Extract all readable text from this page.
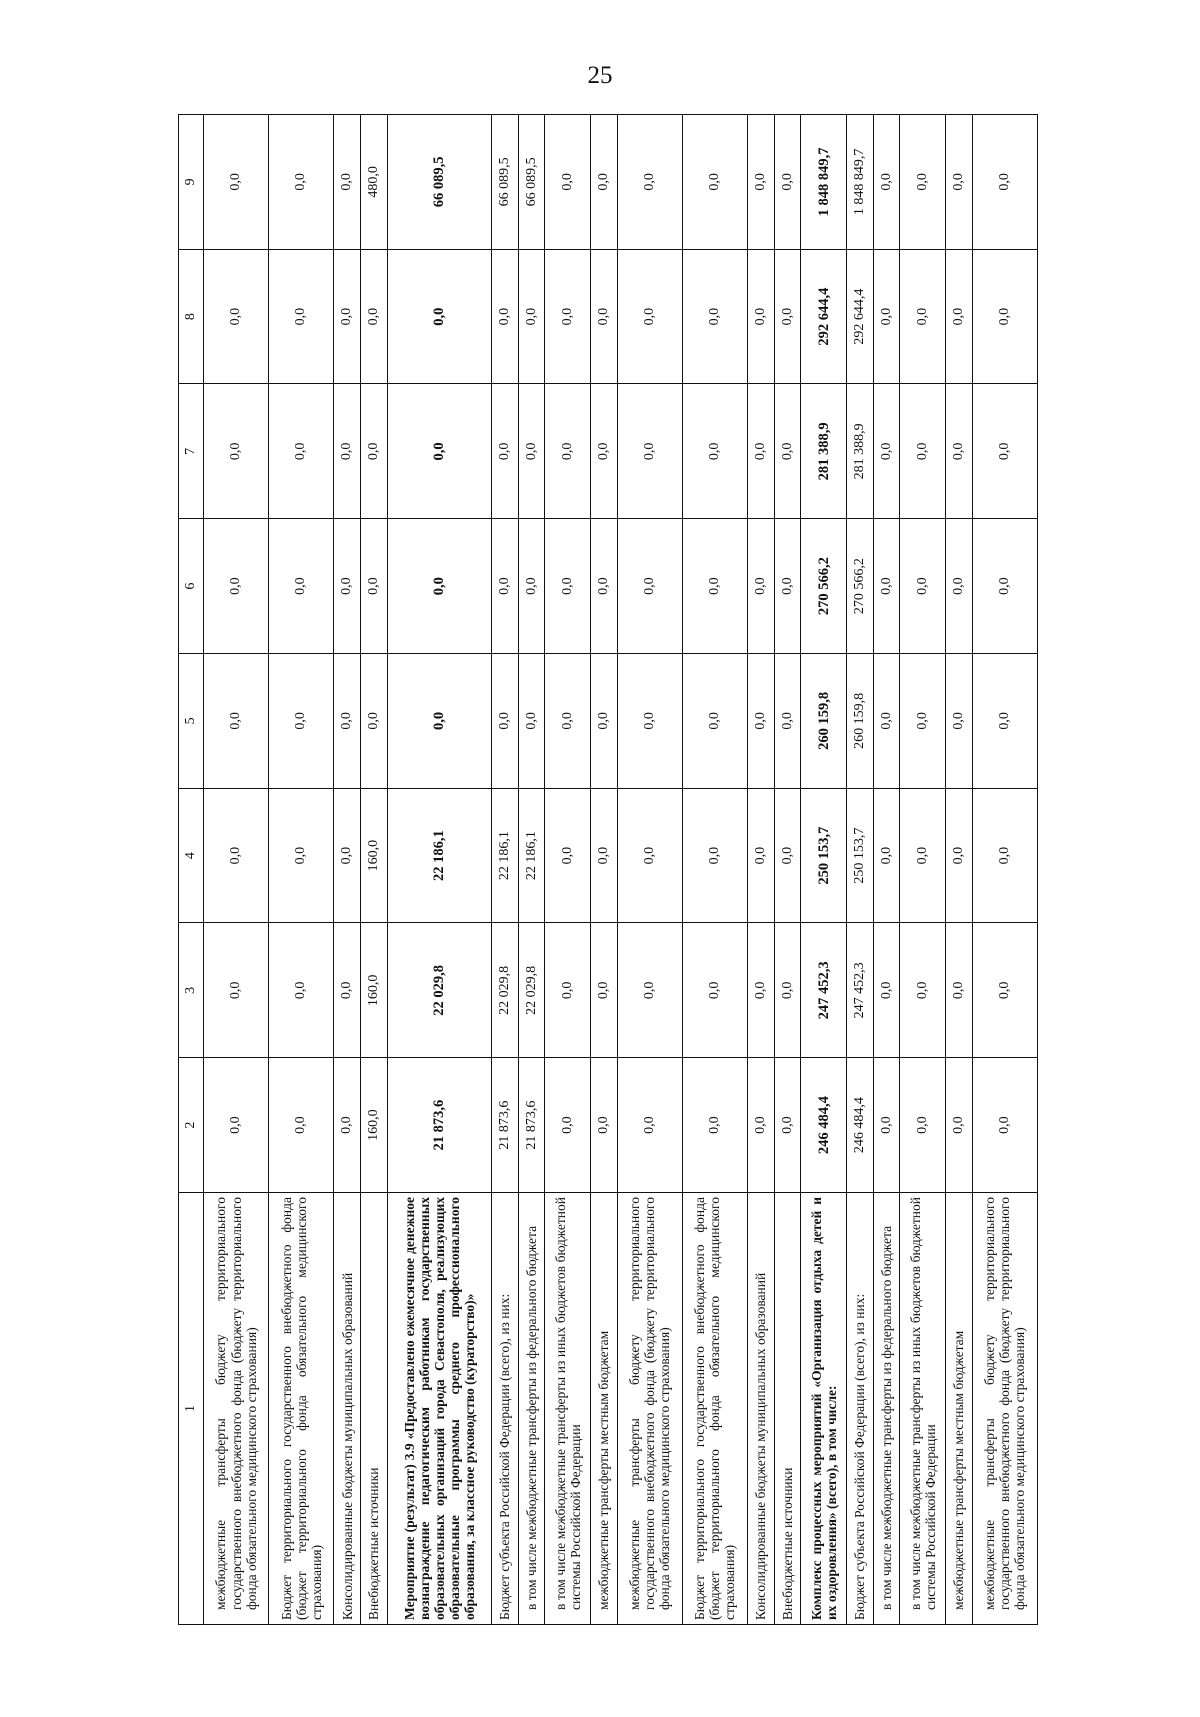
25
1	2	3	4	5	6	7	8	9
межбюджетные трансферты бюджету территориального государственного внебюджетного фонда (бюджету территориального фонда обязательного медицинского страхования)	0,0	0,0	0,0	0,0	0,0	0,0	0,0	0,0
Бюджет территориального государственного внебюджетного фонда (бюджет территориального фонда обязательного медицинского страхования)	0,0	0,0	0,0	0,0	0,0	0,0	0,0	0,0
Консолидированные бюджеты муниципальных образований	0,0	0,0	0,0	0,0	0,0	0,0	0,0	0,0
Внебюджетные источники	160,0	160,0	160,0	0,0	0,0	0,0	0,0	480,0
Мероприятие (результат) 3.9 «Предоставлено ежемесячное денежное вознаграждение педагогическим работникам государственных образовательных организаций города Севастополя, реализующих образовательные программы среднего профессионального образования, за классное руководство (кураторство)»	21 873,6	22 029,8	22 186,1	0,0	0,0	0,0	0,0	66 089,5
Бюджет субъекта Российской Федерации (всего), из них:	21 873,6	22 029,8	22 186,1	0,0	0,0	0,0	0,0	66 089,5
в том числе межбюджетные трансферты из федерального бюджета	21 873,6	22 029,8	22 186,1	0,0	0,0	0,0	0,0	66 089,5
в том числе межбюджетные трансферты из иных бюджетов бюджетной системы Российской Федерации	0,0	0,0	0,0	0,0	0,0	0,0	0,0	0,0
межбюджетные трансферты местным бюджетам	0,0	0,0	0,0	0,0	0,0	0,0	0,0	0,0
межбюджетные трансферты бюджету территориального государственного внебюджетного фонда (бюджету территориального фонда обязательного медицинского страхования)	0,0	0,0	0,0	0,0	0,0	0,0	0,0	0,0
Бюджет территориального государственного внебюджетного фонда (бюджет территориального фонда обязательного медицинского страхования)	0,0	0,0	0,0	0,0	0,0	0,0	0,0	0,0
Консолидированные бюджеты муниципальных образований	0,0	0,0	0,0	0,0	0,0	0,0	0,0	0,0
Внебюджетные источники	0,0	0,0	0,0	0,0	0,0	0,0	0,0	0,0
Комплекс процессных мероприятий «Организация отдыха детей и их оздоровления» (всего), в том числе:	246 484,4	247 452,3	250 153,7	260 159,8	270 566,2	281 388,9	292 644,4	1 848 849,7
Бюджет субъекта Российской Федерации (всего), из них:	246 484,4	247 452,3	250 153,7	260 159,8	270 566,2	281 388,9	292 644,4	1 848 849,7
в том числе межбюджетные трансферты из федерального бюджета	0,0	0,0	0,0	0,0	0,0	0,0	0,0	0,0
в том числе межбюджетные трансферты из иных бюджетов бюджетной системы Российской Федерации	0,0	0,0	0,0	0,0	0,0	0,0	0,0	0,0
межбюджетные трансферты местным бюджетам	0,0	0,0	0,0	0,0	0,0	0,0	0,0	0,0
межбюджетные трансферты бюджету территориального государственного внебюджетного фонда (бюджету территориального фонда обязательного медицинского страхования)	0,0	0,0	0,0	0,0	0,0	0,0	0,0	0,0
